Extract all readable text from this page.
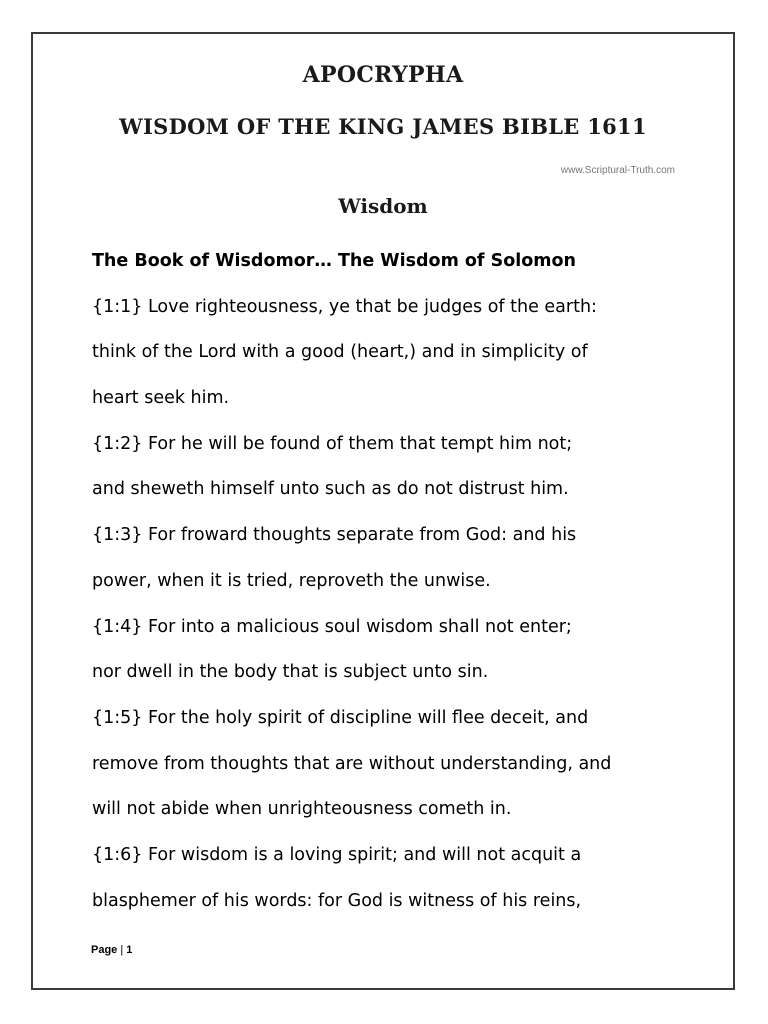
APOCRYPHA
WISDOM OF THE KING JAMES BIBLE 1611
www.Scriptural-Truth.com
Wisdom
The Book of Wisdomor… The Wisdom of Solomon
{1:1} Love righteousness, ye that be judges of the earth:
think of the Lord with a good (heart,) and in simplicity of
heart seek him.
{1:2} For he will be found of them that tempt him not;
and sheweth himself unto such as do not distrust him.
{1:3} For froward thoughts separate from God: and his
power, when it is tried, reproveth the unwise.
{1:4} For into a malicious soul wisdom shall not enter;
nor dwell in the body that is subject unto sin.
{1:5} For the holy spirit of discipline will flee deceit, and
remove from thoughts that are without understanding, and
will not abide when unrighteousness cometh in.
{1:6} For wisdom is a loving spirit; and will not acquit a
blasphemer of his words: for God is witness of his reins,
Page | 1
